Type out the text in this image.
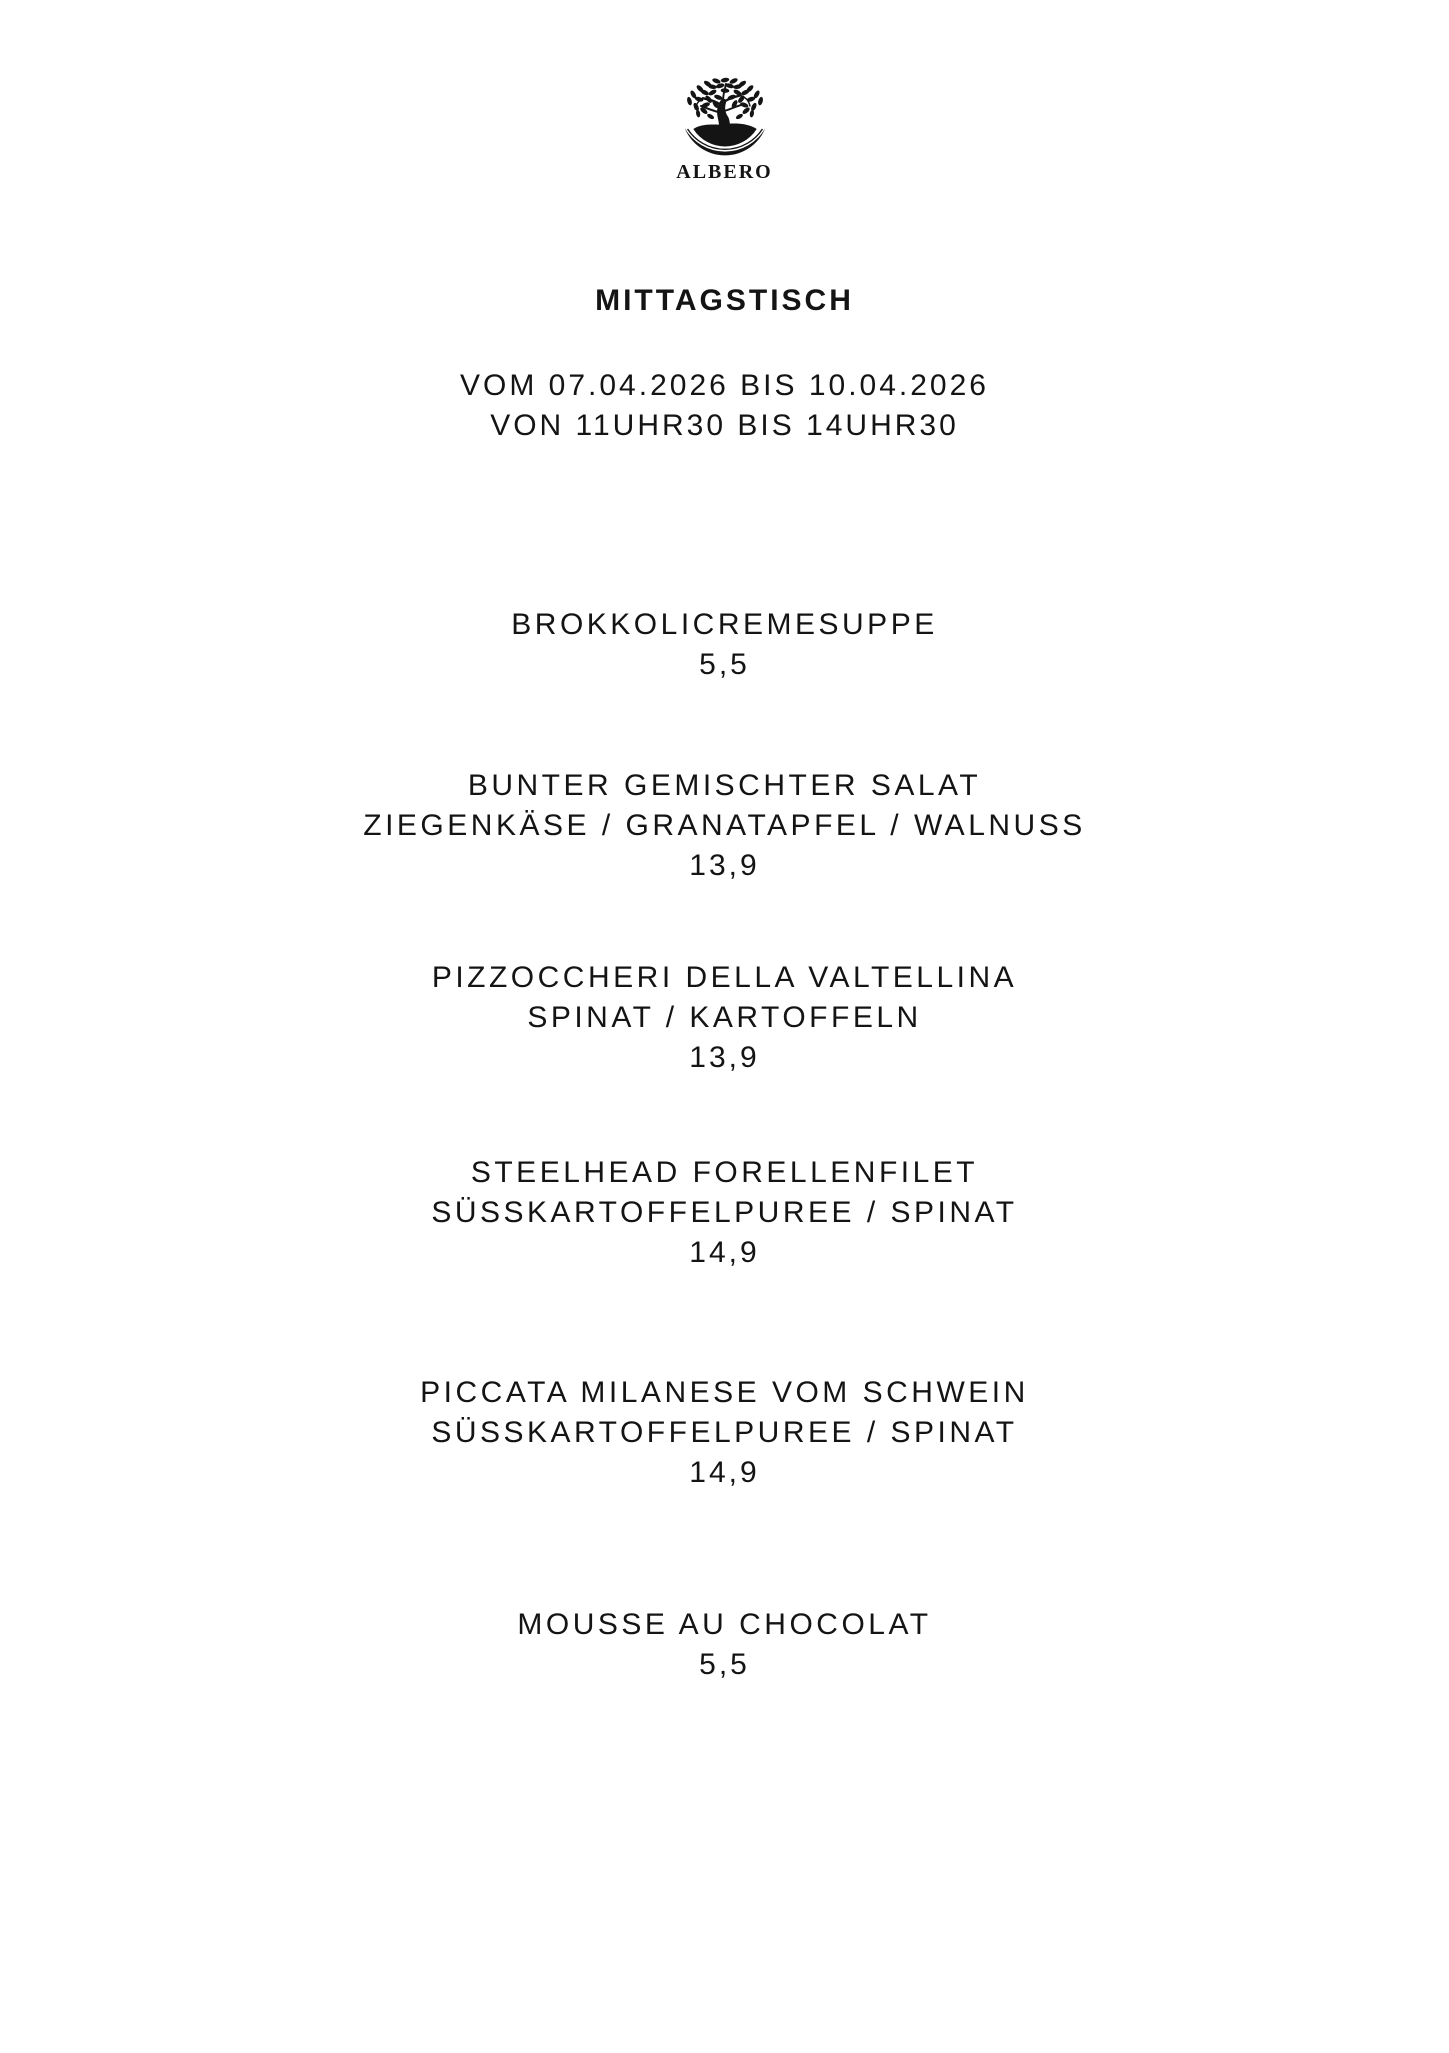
ALBERO
MITTAGSTISCH
VOM 07.04.2026 BIS 10.04.2026
VON 11UHR30 BIS 14UHR30
BROKKOLICREMESUPPE
5,5
BUNTER GEMISCHTER SALAT
ZIEGENKÄSE / GRANATAPFEL / WALNUSS
13,9
PIZZOCCHERI DELLA VALTELLINA
SPINAT / KARTOFFELN
13,9
STEELHEAD FORELLENFILET
SÜSSKARTOFFELPUREE / SPINAT
14,9
PICCATA MILANESE VOM SCHWEIN
SÜSSKARTOFFELPUREE / SPINAT
14,9
MOUSSE AU CHOCOLAT
5,5
